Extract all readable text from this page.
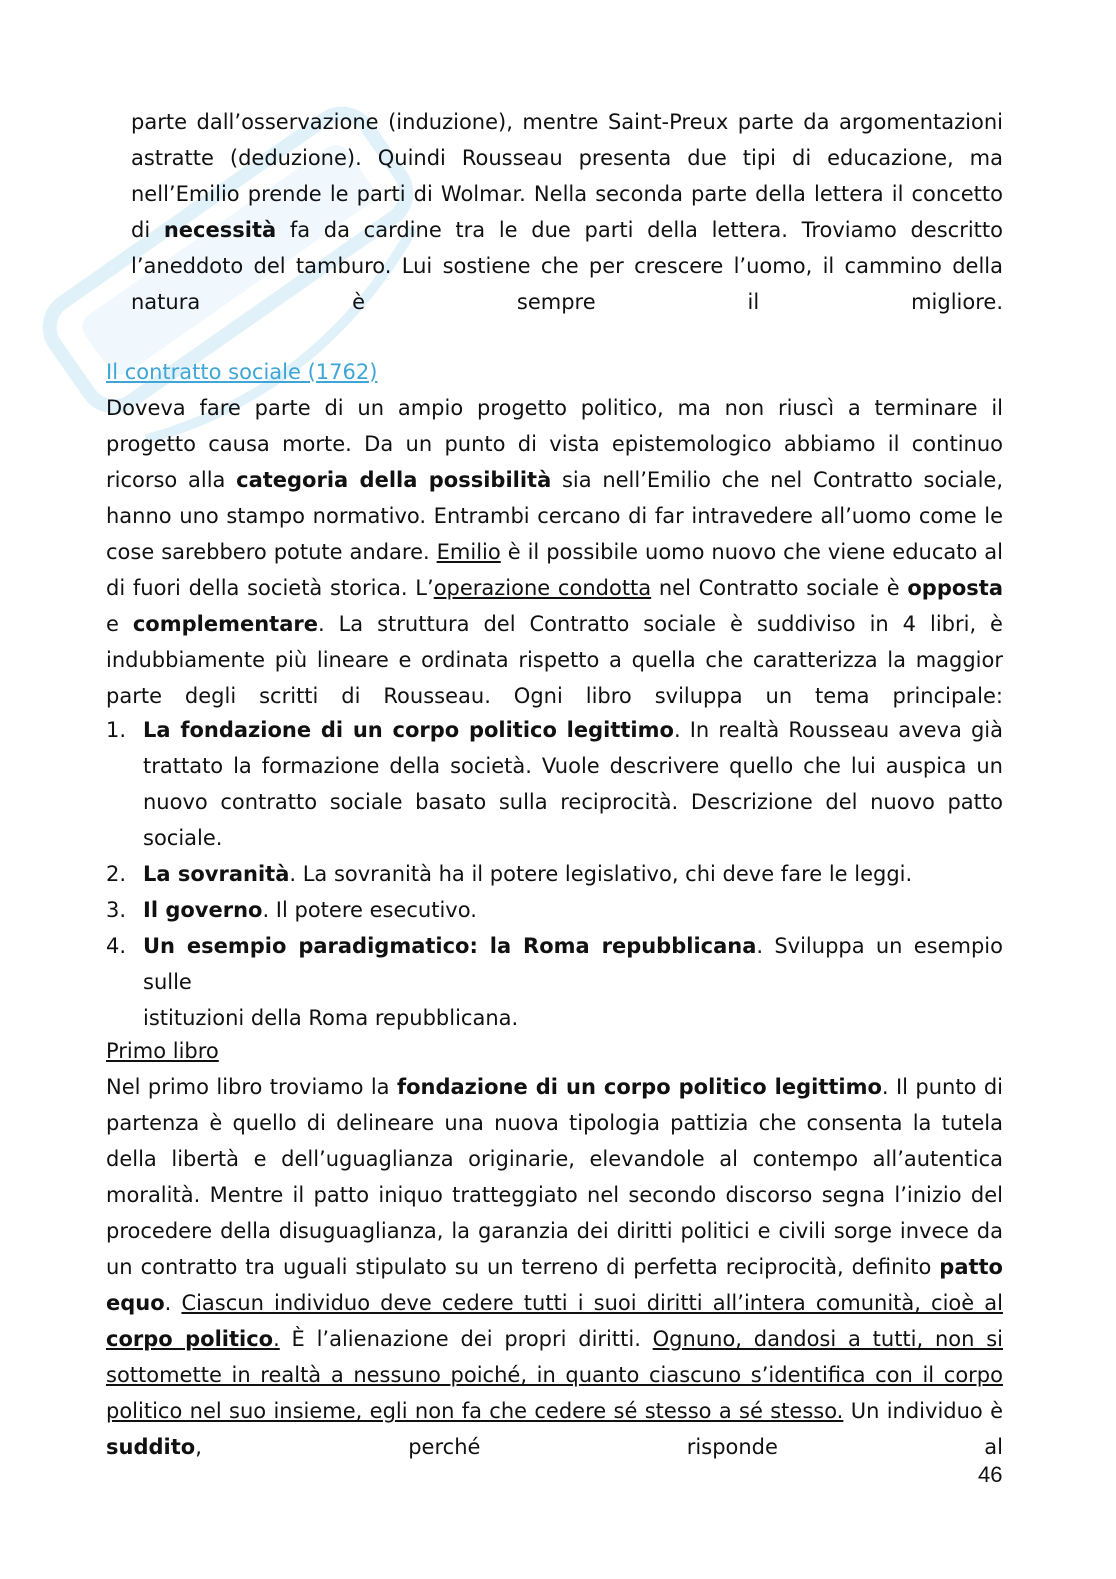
parte dall’osservazione (induzione), mentre Saint-Preux parte da argomentazioni astratte (deduzione). Quindi Rousseau presenta due tipi di educazione, ma nell’Emilio prende le parti di Wolmar. Nella seconda parte della lettera il concetto di necessità fa da cardine tra le due parti della lettera. Troviamo descritto l’aneddoto del tamburo. Lui sostiene che per crescere l’uomo, il cammino della natura è sempre il migliore.

Il contratto sociale (1762)

Doveva fare parte di un ampio progetto politico, ma non riuscì a terminare il progetto causa morte. Da un punto di vista epistemologico abbiamo il continuo ricorso alla categoria della possibilità sia nell’Emilio che nel Contratto sociale, hanno uno stampo normativo. Entrambi cercano di far intravedere all’uomo come le cose sarebbero potute andare. Emilio è il possibile uomo nuovo che viene educato al di fuori della società storica. L’operazione condotta nel Contratto sociale è opposta e complementare. La struttura del Contratto sociale è suddiviso in 4 libri, è indubbiamente più lineare e ordinata rispetto a quella che caratterizza la maggior parte degli scritti di Rousseau. Ogni libro sviluppa un tema principale:

1. La fondazione di un corpo politico legittimo. In realtà Rousseau aveva già trattato la formazione della società. Vuole descrivere quello che lui auspica un nuovo contratto sociale basato sulla reciprocità. Descrizione del nuovo patto
sociale.
2. La sovranità. La sovranità ha il potere legislativo, chi deve fare le leggi.
3. Il governo. Il potere esecutivo.
4. Un esempio paradigmatico: la Roma repubblicana. Sviluppa un esempio sulle
istituzioni della Roma repubblicana.
Primo libro

Nel primo libro troviamo la fondazione di un corpo politico legittimo. Il punto di partenza è quello di delineare una nuova tipologia pattizia che consenta la tutela della libertà e dell’uguaglianza originarie, elevandole al contempo all’autentica moralità. Mentre il patto iniquo tratteggiato nel secondo discorso segna l’inizio del procedere della disuguaglianza, la garanzia dei diritti politici e civili sorge invece da un contratto tra uguali stipulato su un terreno di perfetta reciprocità, definito patto equo. Ciascun individuo deve cedere tutti i suoi diritti all’intera comunità, cioè al corpo politico. È l’alienazione dei propri diritti. Ognuno, dandosi a tutti, non si sottomette in realtà a nessuno poiché, in quanto ciascuno s’identifica con il corpo politico nel suo insieme, egli non fa che cedere sé stesso a sé stesso. Un individuo è suddito, perché risponde al

46
